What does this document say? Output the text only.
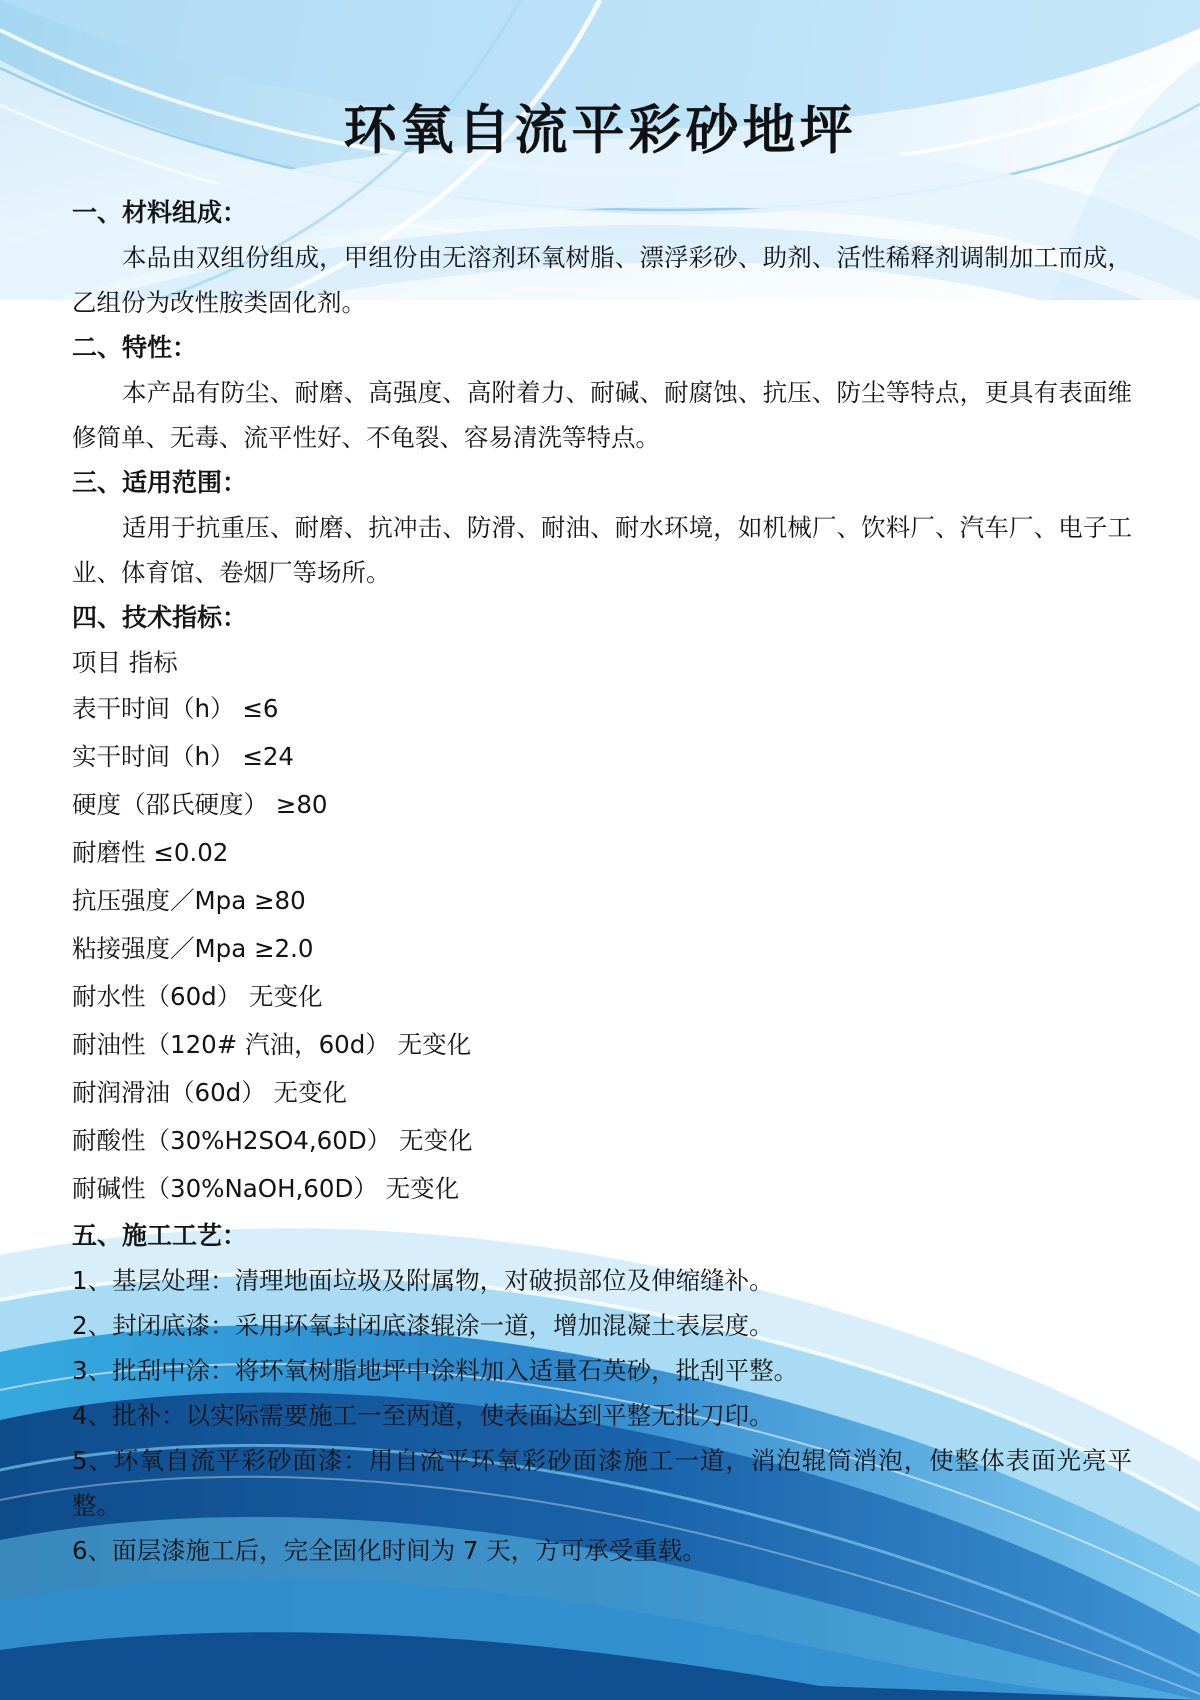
环氧自流平彩砂地坪

一、材料组成：

本品由双组份组成，甲组份由无溶剂环氧树脂、漂浮彩砂、助剂、活性稀释剂调制加工而成，乙组份为改性胺类固化剂。

二、特性：

本产品有防尘、耐磨、高强度、高附着力、耐碱、耐腐蚀、抗压、防尘等特点，更具有表面维修简单、无毒、流平性好、不龟裂、容易清洗等特点。

三、适用范围：

适用于抗重压、耐磨、抗冲击、防滑、耐油、耐水环境，如机械厂、饮料厂、汽车厂、电子工业、体育馆、卷烟厂等场所。

四、技术指标：

项目 指标

表干时间（h） ≤6

实干时间（h） ≤24

硬度（邵氏硬度） ≥80

耐磨性 ≤0.02

抗压强度／Mpa ≥80

粘接强度／Mpa ≥2.0

耐水性（60d） 无变化

耐油性（120# 汽油，60d） 无变化

耐润滑油（60d） 无变化

耐酸性（30%H2SO4,60D） 无变化

耐碱性（30%NaOH,60D） 无变化

五、施工工艺：

1、基层处理：清理地面垃圾及附属物，对破损部位及伸缩缝补。

2、封闭底漆：采用环氧封闭底漆辊涂一道，增加混凝土表层度。

3、批刮中涂：将环氧树脂地坪中涂料加入适量石英砂，批刮平整。

4、批补：以实际需要施工一至两道，使表面达到平整无批刀印。

5、环氧自流平彩砂面漆：用自流平环氧彩砂面漆施工一道，消泡辊筒消泡，使整体表面光亮平整。

6、面层漆施工后，完全固化时间为 7 天，方可承受重载。
